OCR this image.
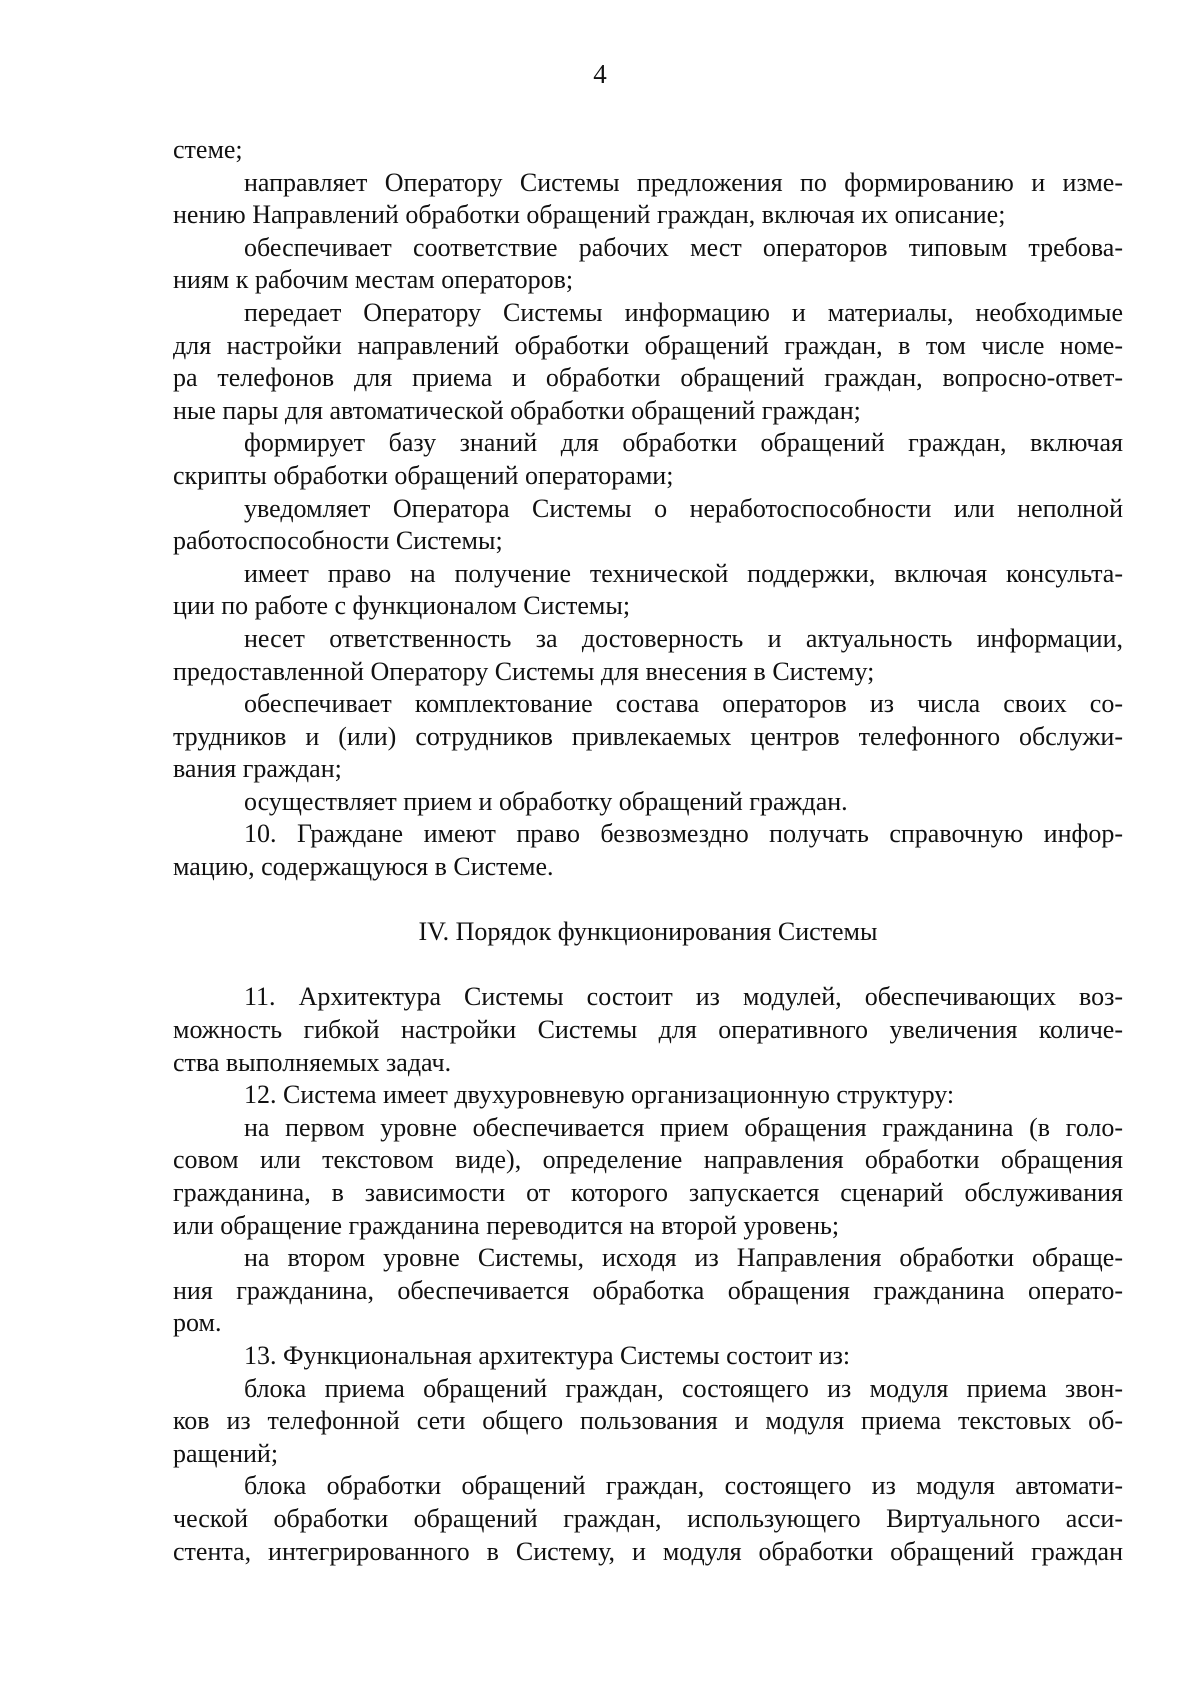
4
стеме;
направляет Оператору Системы предложения по формированию и изме-
нению Направлений обработки обращений граждан, включая их описание;
обеспечивает соответствие рабочих мест операторов типовым требова-
ниям к рабочим местам операторов;
передает Оператору Системы информацию и материалы, необходимые
для настройки направлений обработки обращений граждан, в том числе номе-
ра телефонов для приема и обработки обращений граждан, вопросно-ответ-
ные пары для автоматической обработки обращений граждан;
формирует базу знаний для обработки обращений граждан, включая
скрипты обработки обращений операторами;
уведомляет Оператора Системы о неработоспособности или неполной
работоспособности Системы;
имеет право на получение технической поддержки, включая консульта-
ции по работе с функционалом Системы;
несет ответственность за достоверность и актуальность информации,
предоставленной Оператору Системы для внесения в Систему;
обеспечивает комплектование состава операторов из числа своих со-
трудников и (или) сотрудников привлекаемых центров телефонного обслужи-
вания граждан;
осуществляет прием и обработку обращений граждан.
10. Граждане имеют право безвозмездно получать справочную инфор-
мацию, содержащуюся в Системе.
IV. Порядок функционирования Системы
11. Архитектура Системы состоит из модулей, обеспечивающих воз-
можность гибкой настройки Системы для оперативного увеличения количе-
ства выполняемых задач.
12. Система имеет двухуровневую организационную структуру:
на первом уровне обеспечивается прием обращения гражданина (в голо-
совом или текстовом виде), определение направления обработки обращения
гражданина, в зависимости от которого запускается сценарий обслуживания
или обращение гражданина переводится на второй уровень;
на втором уровне Системы, исходя из Направления обработки обраще-
ния гражданина, обеспечивается обработка обращения гражданина операто-
ром.
13. Функциональная архитектура Системы состоит из:
блока приема обращений граждан, состоящего из модуля приема звон-
ков из телефонной сети общего пользования и модуля приема текстовых об-
ращений;
блока обработки обращений граждан, состоящего из модуля автомати-
ческой обработки обращений граждан, использующего Виртуального асси-
стента, интегрированного в Систему, и модуля обработки обращений граждан
